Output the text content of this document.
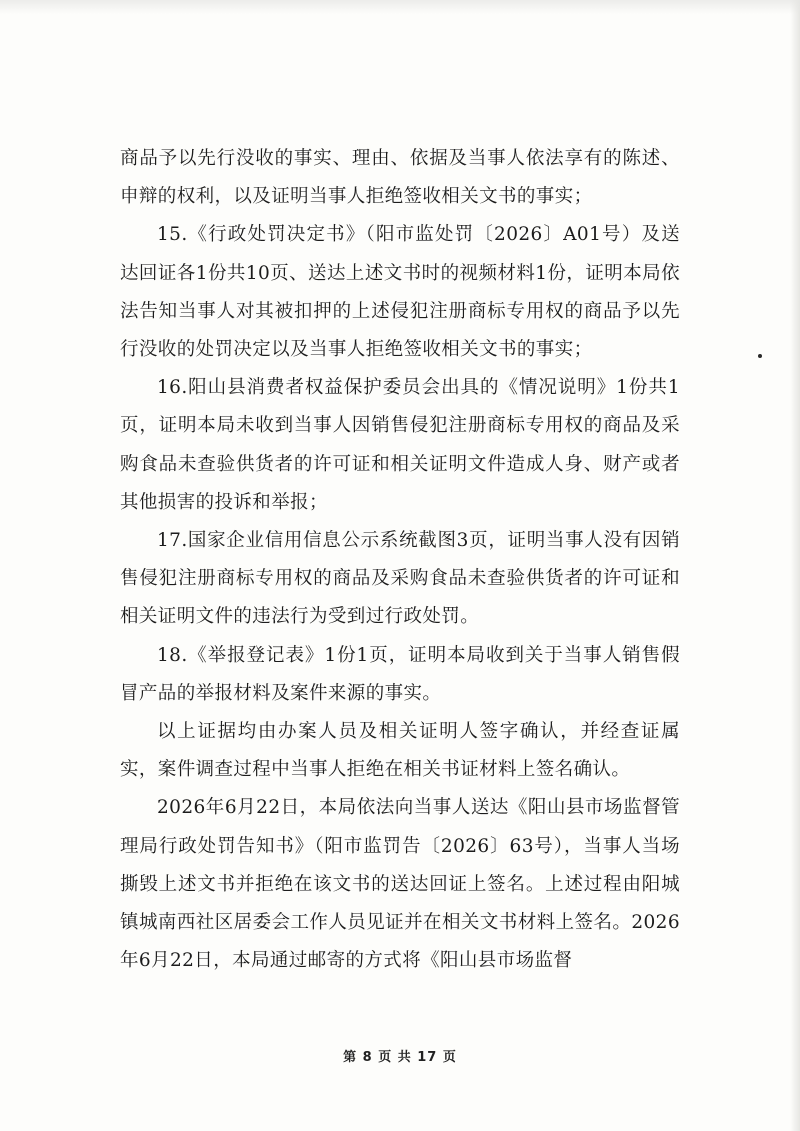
商品予以先行没收的事实、理由、依据及当事人依法享有的陈述、申辩的权利，以及证明当事人拒绝签收相关文书的事实；

15.《行政处罚决定书》（阳市监处罚〔2026〕A01号）及送达回证各1份共10页、送达上述文书时的视频材料1份，证明本局依法告知当事人对其被扣押的上述侵犯注册商标专用权的商品予以先行没收的处罚决定以及当事人拒绝签收相关文书的事实；

16.阳山县消费者权益保护委员会出具的《情况说明》1份共1页，证明本局未收到当事人因销售侵犯注册商标专用权的商品及采购食品未查验供货者的许可证和相关证明文件造成人身、财产或者其他损害的投诉和举报；

17.国家企业信用信息公示系统截图3页，证明当事人没有因销售侵犯注册商标专用权的商品及采购食品未查验供货者的许可证和相关证明文件的违法行为受到过行政处罚。

18.《举报登记表》1份1页，证明本局收到关于当事人销售假冒产品的举报材料及案件来源的事实。

以上证据均由办案人员及相关证明人签字确认，并经查证属实，案件调查过程中当事人拒绝在相关书证材料上签名确认。

2026年6月22日，本局依法向当事人送达《阳山县市场监督管理局行政处罚告知书》（阳市监罚告〔2026〕63号），当事人当场撕毁上述文书并拒绝在该文书的送达回证上签名。上述过程由阳城镇城南西社区居委会工作人员见证并在相关文书材料上签名。2026年6月22日，本局通过邮寄的方式将《阳山县市场监督

第 8 页 共 17 页
